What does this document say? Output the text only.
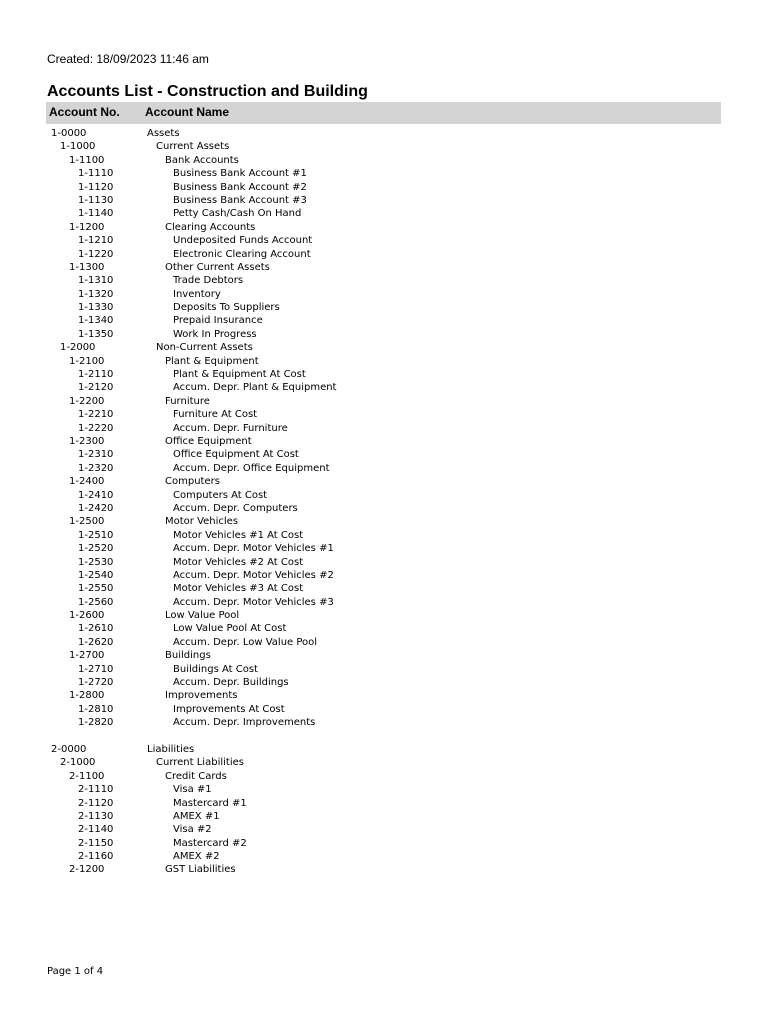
Created: 18/09/2023 11:46 am
Accounts List - Construction and Building
Account No. Account Name
1-0000	Assets
1-1000	Current Assets
1-1100	Bank Accounts
1-1110	Business Bank Account #1
1-1120	Business Bank Account #2
1-1130	Business Bank Account #3
1-1140	Petty Cash/Cash On Hand
1-1200	Clearing Accounts
1-1210	Undeposited Funds Account
1-1220	Electronic Clearing Account
1-1300	Other Current Assets
1-1310	Trade Debtors
1-1320	Inventory
1-1330	Deposits To Suppliers
1-1340	Prepaid Insurance
1-1350	Work In Progress
1-2000	Non-Current Assets
1-2100	Plant & Equipment
1-2110	Plant & Equipment At Cost
1-2120	Accum. Depr. Plant & Equipment
1-2200	Furniture
1-2210	Furniture At Cost
1-2220	Accum. Depr. Furniture
1-2300	Office Equipment
1-2310	Office Equipment At Cost
1-2320	Accum. Depr. Office Equipment
1-2400	Computers
1-2410	Computers At Cost
1-2420	Accum. Depr. Computers
1-2500	Motor Vehicles
1-2510	Motor Vehicles #1 At Cost
1-2520	Accum. Depr. Motor Vehicles #1
1-2530	Motor Vehicles #2 At Cost
1-2540	Accum. Depr. Motor Vehicles #2
1-2550	Motor Vehicles #3 At Cost
1-2560	Accum. Depr. Motor Vehicles #3
1-2600	Low Value Pool
1-2610	Low Value Pool At Cost
1-2620	Accum. Depr. Low Value Pool
1-2700	Buildings
1-2710	Buildings At Cost
1-2720	Accum. Depr. Buildings
1-2800	Improvements
1-2810	Improvements At Cost
1-2820	Accum. Depr. Improvements
2-0000	Liabilities
2-1000	Current Liabilities
2-1100	Credit Cards
2-1110	Visa #1
2-1120	Mastercard #1
2-1130	AMEX #1
2-1140	Visa #2
2-1150	Mastercard #2
2-1160	AMEX #2
2-1200	GST Liabilities
Page 1 of 4
